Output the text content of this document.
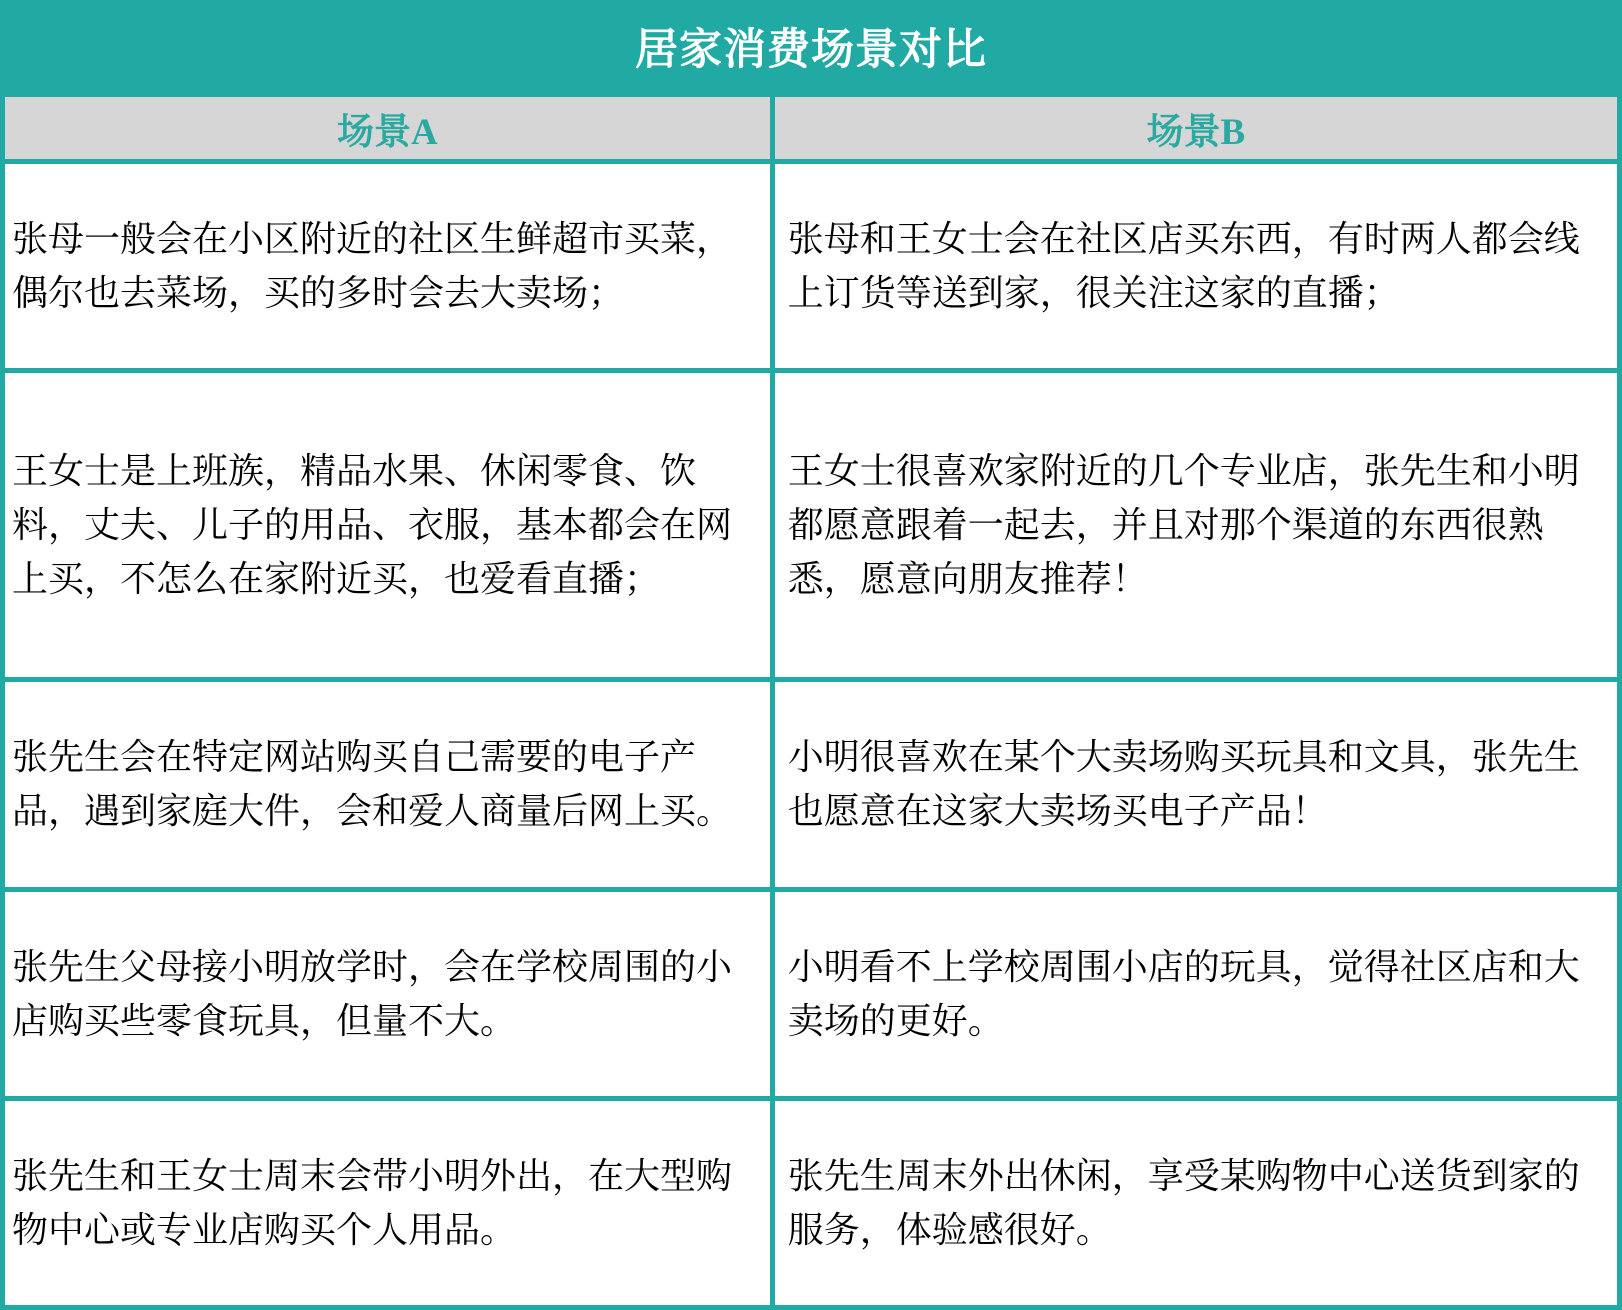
居家消费场景对比
场景A	场景B
张母一般会在小区附近的社区生鲜超市买菜，偶尔也去菜场，买的多时会去大卖场；	张母和王女士会在社区店买东西，有时两人都会线上订货等送到家，很关注这家的直播；
王女士是上班族，精品水果、休闲零食、饮料，丈夫、儿子的用品、衣服，基本都会在网上买，不怎么在家附近买，也爱看直播；	王女士很喜欢家附近的几个专业店，张先生和小明都愿意跟着一起去，并且对那个渠道的东西很熟悉，愿意向朋友推荐！
张先生会在特定网站购买自己需要的电子产品，遇到家庭大件，会和爱人商量后网上买。	小明很喜欢在某个大卖场购买玩具和文具，张先生也愿意在这家大卖场买电子产品！
张先生父母接小明放学时，会在学校周围的小店购买些零食玩具，但量不大。	小明看不上学校周围小店的玩具，觉得社区店和大卖场的更好。
张先生和王女士周末会带小明外出，在大型购物中心或专业店购买个人用品。	张先生周末外出休闲，享受某购物中心送货到家的服务，体验感很好。
